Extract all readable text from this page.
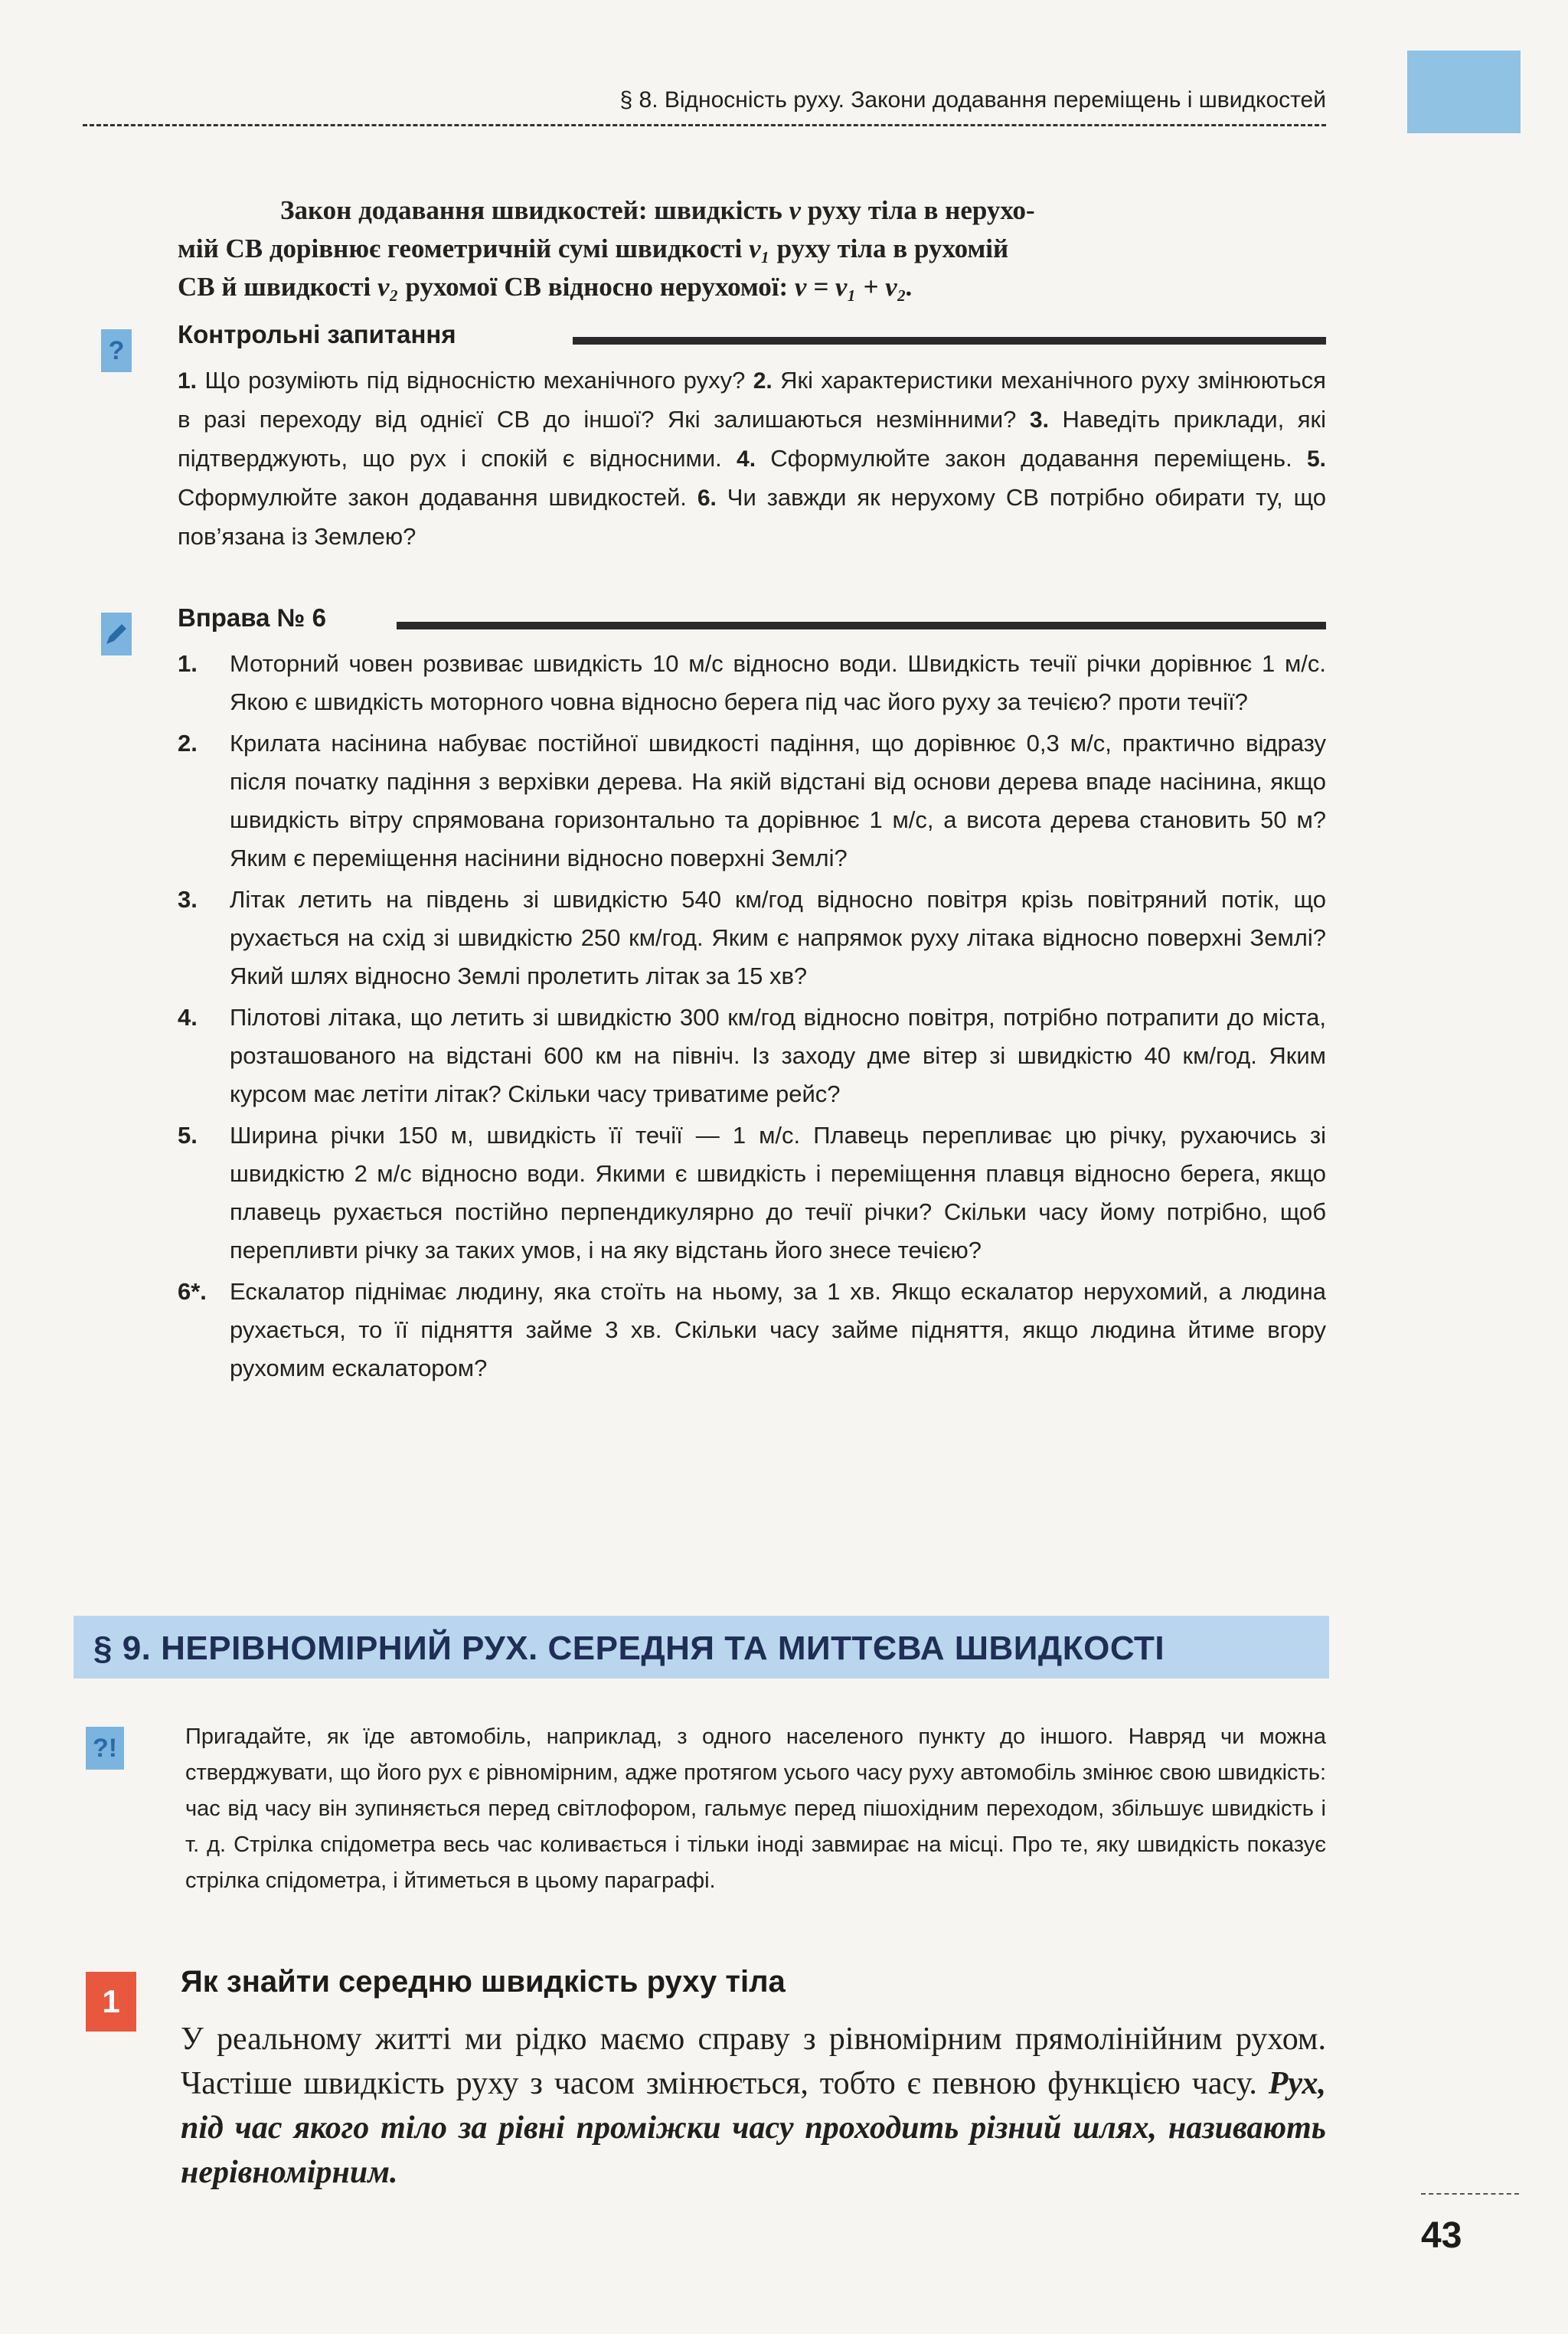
§ 8. Відносність руху. Закони додавання переміщень і швидкостей
Закон додавання швидкостей: швидкість v руху тіла в нерухо-
мій СВ дорівнює геометричній сумі швидкості v₁ руху тіла в рухомій
СВ й швидкості v₂ рухомої СВ відносно нерухомої: v = v₁ + v₂.
?
Контрольні запитання
1. Що розуміють під відносністю механічного руху? 2. Які характеристики механічного руху змінюються в разі переходу від однієї СВ до іншої? Які залишаються незмінними? 3. Наведіть приклади, які підтверджують, що рух і спокій є відносними. 4. Сформулюйте закон додавання переміщень. 5. Сформулюйте закон додавання швидкостей. 6. Чи завжди як нерухому СВ потрібно обирати ту, що пов’язана із Землею?
Вправа № 6
1.	Моторний човен розвиває швидкість 10 м/с відносно води. Швидкість течії річки дорівнює 1 м/с. Якою є швидкість моторного човна відносно берега під час його руху за течією? проти течії?
2.	Крилата насінина набуває постійної швидкості падіння, що дорівнює 0,3 м/с, практично відразу після початку падіння з верхівки дерева. На якій відстані від основи дерева впаде насінина, якщо швидкість вітру спрямована горизонтально та дорівнює 1 м/с, а висота дерева становить 50 м? Яким є переміщення насінини відносно поверхні Землі?
3.	Літак летить на південь зі швидкістю 540 км/год відносно повітря крізь повітряний потік, що рухається на схід зі швидкістю 250 км/год. Яким є напрямок руху літака відносно поверхні Землі? Який шлях відносно Землі пролетить літак за 15 хв?
4.	Пілотові літака, що летить зі швидкістю 300 км/год відносно повітря, потрібно потрапити до міста, розташованого на відстані 600 км на північ. Із заходу дме вітер зі швидкістю 40 км/год. Яким курсом має летіти літак? Скільки часу триватиме рейс?
5.	Ширина річки 150 м, швидкість її течії — 1 м/с. Плавець перепливає цю річку, рухаючись зі швидкістю 2 м/с відносно води. Якими є швидкість і переміщення плавця відносно берега, якщо плавець рухається постійно перпендикулярно до течії річки? Скільки часу йому потрібно, щоб перепливти річку за таких умов, і на яку відстань його знесе течією?
6*. Ескалатор піднімає людину, яка стоїть на ньому, за 1 хв. Якщо ескалатор нерухомий, а людина рухається, то її підняття займе 3 хв. Скільки часу займе підняття, якщо людина йтиме вгору рухомим ескалатором?
§ 9. НЕРІВНОМІРНИЙ РУХ. СЕРЕДНЯ ТА МИТТЄВА ШВИДКОСТІ
?!	Пригадайте, як їде автомобіль, наприклад, з одного населеного пункту до іншого. Навряд чи можна стверджувати, що його рух є рівномірним, адже протягом усього часу руху автомобіль змінює свою швидкість: час від часу він зупиняється перед світлофором, гальмує перед пішохідним переходом, збільшує швидкість і т. д. Стрілка спідометра весь час коливається і тільки іноді завмирає на місці. Про те, яку швидкість показує стрілка спідометра, і йтиметься в цьому параграфі.
1
Як знайти середню швидкість руху тіла
У реальному житті ми рідко маємо справу з рівномірним прямолінійним рухом. Частіше швидкість руху з часом змінюється, тобто є певною функцією часу. Рух, під час якого тіло за рівні проміжки часу проходить різний шлях, називають нерівномірним.
43
